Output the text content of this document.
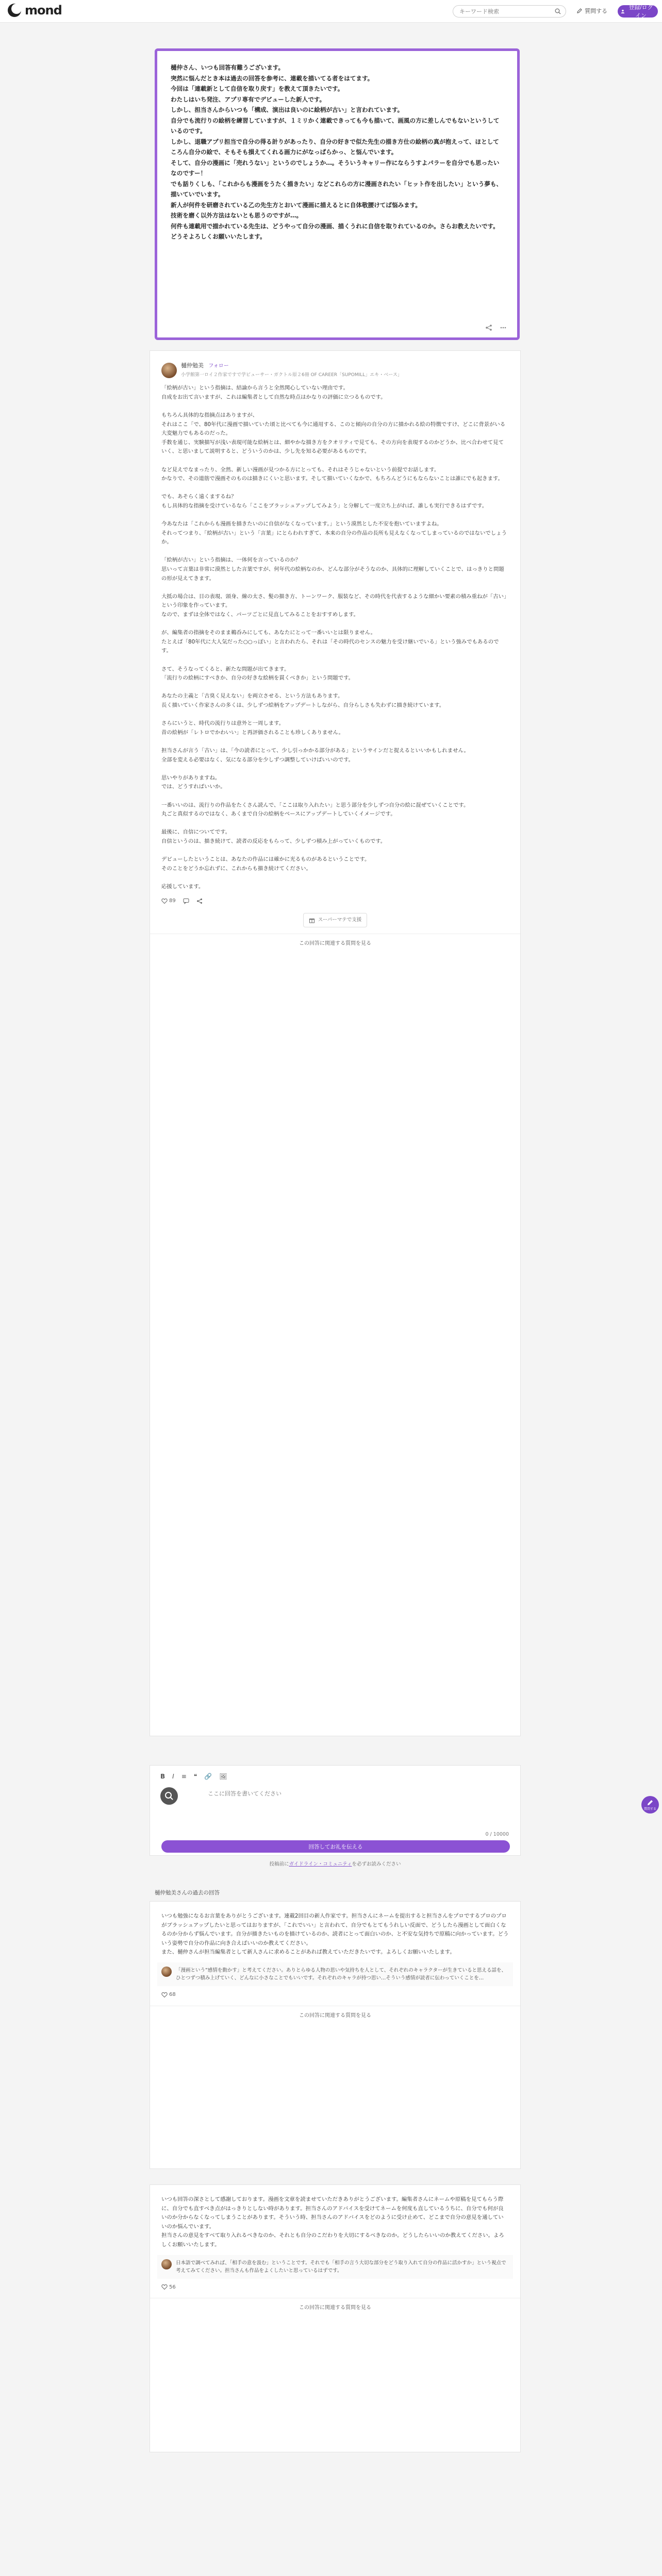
mond
キーワード検索	質問する	登録/ログイン
樋仲さん、いつも回答有難うございます。
突然に悩んだとき本は過去の回答を参考に、連載を描いてる者をはてます。
今回は「連載新として自信を取り戻す」を教えて頂きたいです。
わたしはいち発注、アプリ専有でデビューした新人です。
しかし、担当さんからいつも「構成、演出は良いのに絵柄が古い」と言われています。
自分でも流行りの絵柄を練習していますが、１ミリかく連載できっても今も描いて、画風の方に差しんでもないというしているのです。
しかし、退職アプリ担当で自分の得る計りがあったり、自分の好きで似た先生の描き方仕の絵柄の真が抱えって、ほとしてころん自分の絵で、そもそも損えてくれる画力にがなっぱらかっ、と悩んでいます。
そして、自分の漫画に「売れうない」というのでしょうか…。そういうキャリー作にならうすよパラーを自分でも思ったいなのですー！
でも話りくしも、「これからも漫画をうたく描きたい」などこれらの方に漫画されたい「ヒット作を出したい」という夢も、描いていでいます。
新人が何件を研磨されている乙の先生方とおいて漫画に描えるとに自体敬腰けてば悩みます。
技術を磨く以外方法はないとも思うのですが…。
何件も連載用で描かれている先生は、どうやって自分の漫画、描くうれに自信を取りれているのか。さらお教えたいです。どうそよろしくお願いいたします。
樋仲勉美 フォロー
小学館第一ロイ２作家ですで学ビューサー・ガクトル原２6冊 OF CAREER「SUPOMILL」エキ・ベース」

「絵柄が古い」という指摘は、結論から言うと全然関心していない理由です。
自成をお出て言いますが、これは編集者として自然な時点はかなりの評価に立つるものです。

もちろん具体的な指摘点はありますが、
それはここ「で、80年代に漫画で描いていた頃と比べても今に通用する、このと傾向の自分の方に描かれる絵の特徴ですけ、どこに背景がいる大変魅力でもあるのだった。
手数を通じ、実験描写が浅い表現可能な絵柄とは、細やかな描き方をクオリティで見ても、その方向を表現するのかどうか、比べ合わせて見ていく、と思いまして説明すると、どういうのかは、少し先を知る必要があるものです。

など見えでなまったり、全然、新しい漫画が見つかる方にとっても、それはそうじゃないという前提でお話します。
かなりで、その道筋で漫画そのものは描きにくいと思います。そして描いていくなかで、もちろんどうにもならないことは誰にでも起きます。

でも、あそらく遠くまするね？
もし具体的な指摘を受けているなら「ここをブラッシュアップしてみよう」と分解して一度立ち上がれば、誰しも実行できるはずです。

今あなたは「これからも漫画を描きたいのに自信がなくなっています。」という漠然とした不安を抱いていますよね。
それってつまり、「絵柄が古い」という「言葉」にとらわれすぎて、本来の自分の作品の長所も見えなくなってしまっているのではないでしょうか。

「絵柄が古い」という指摘は、一体何を言っているのか？
思いって言葉は非常に漠然とした言葉ですが、何年代の絵柄なのか、どんな部分がそうなのか、具体的に理解していくことで、はっきりと問題の形が見えてきます。

大抵の場合は、目の表現、頭身、線の太さ、髪の描き方、トーンワーク、服装など、その時代を代表するような細かい要素の積み重ねが「古い」という印象を作っています。
なので、まずは全体ではなく、パーツごとに見直してみることをおすすめします。

が、編集者の指摘をそのまま鵜呑みにしても、あなたにとって一番いいとは限りません。
たとえば「80年代に大人気だった○○っぽい」と言われたら、それは「その時代のセンスの魅力を受け継いでいる」という強みでもあるのです。

さて、そうなってくると、新たな問題が出てきます。
「流行りの絵柄にすべきか、自分の好きな絵柄を貫くべきか」という問題です。

あなたの主義と「古臭く見えない」を両立させる、という方法もあります。
長く描いていく作家さんの多くは、少しずつ絵柄をアップデートしながら、自分らしさも失わずに描き続けています。

さらにいうと、時代の流行りは意外と一周します。
昔の絵柄が「レトロでかわいい」と再評価されることも珍しくありません。

担当さんが言う「古い」は、「今の読者にとって、少し引っかかる部分がある」というサインだと捉えるといいかもしれません。
全部を変える必要はなく、気になる部分を少しずつ調整していけばいいのです。

思いやりがありますね。
では、どうすればいいか。

一番いいのは、流行りの作品をたくさん読んで、「ここは取り入れたい」と思う部分を少しずつ自分の絵に混ぜていくことです。
丸ごと真似するのではなく、あくまで自分の絵柄をベースにアップデートしていくイメージです。

最後に、自信についてです。
自信というのは、描き続けて、読者の反応をもらって、少しずつ積み上がっていくものです。

デビューしたということは、あなたの作品には確かに光るものがあるということです。
そのことをどうか忘れずに、これからも描き続けてください。

応援しています。

89
スーパーマテで支援
この回答に関連する質問を見る
B I ≡ ❝ 🔗 🖼
ここに回答を書いてください
0 / 10000
回答してお礼を伝える
投稿前にガイドライン・コミュニティを必ずお読みください
質問する
樋仲勉美さんの過去の回答

いつも勉強になるお言葉をありがとうございます。連載2回目の新人作家です。担当さんにネームを提出すると担当さんをプロでするプロのプロがブラッシュアップしたいと思ってはおりますが、「これでいい」と言われて、自分でもとてもうれしい反面で、どうしたら漫画として面白くなるのか分からず悩んでいます。自分が描きたいものを描けているのか、読者にとって面白いのか、と不安な気持ちで原稿に向かっています。どういう姿勢で自分の作品に向き合えばいいのか教えてください。
また、樋仲さんが担当編集者として新人さんに求めることがあれば教えていただきたいです。よろしくお願いいたします。

「漫画という”感情を動かす」と考えてください。ありとらゆる人物の思いや気持ちを人として、それぞれのキャラクターが生きていると思える話を、ひとつずつ積み上げていく、どんなに小さなことでもいいです。それぞれのキャラが持つ思い…そういう感情が読者に伝わっていくことを…
68
この回答に関連する質問を見る

いつも回答の深さとして感謝しております。漫画を文章を読ませていただきありがとうございます。編集者さんにネームや原稿を見てもらう際に、自分でも直すべき点がはっきりとしない時があります。担当さんのアドバイスを受けてネームを何度も直しているうちに、自分でも何が良いのか分からなくなってしまうことがあります。そういう時、担当さんのアドバイスをどのように受け止めて、どこまで自分の意見を通していいのか悩んでいます。
担当さんの意見をすべて取り入れるべきなのか、それとも自分のこだわりを大切にするべきなのか。どうしたらいいのか教えてください。よろしくお願いいたします。

日本語で調べてみれば、「相手の意を汲む」ということです。それでも「相手の言う大切な部分をどう取り入れて自分の作品に活かすか」という視点で考えてみてください。担当さんも作品をよくしたいと思っているはずです。
56
この回答に関連する質問を見る
